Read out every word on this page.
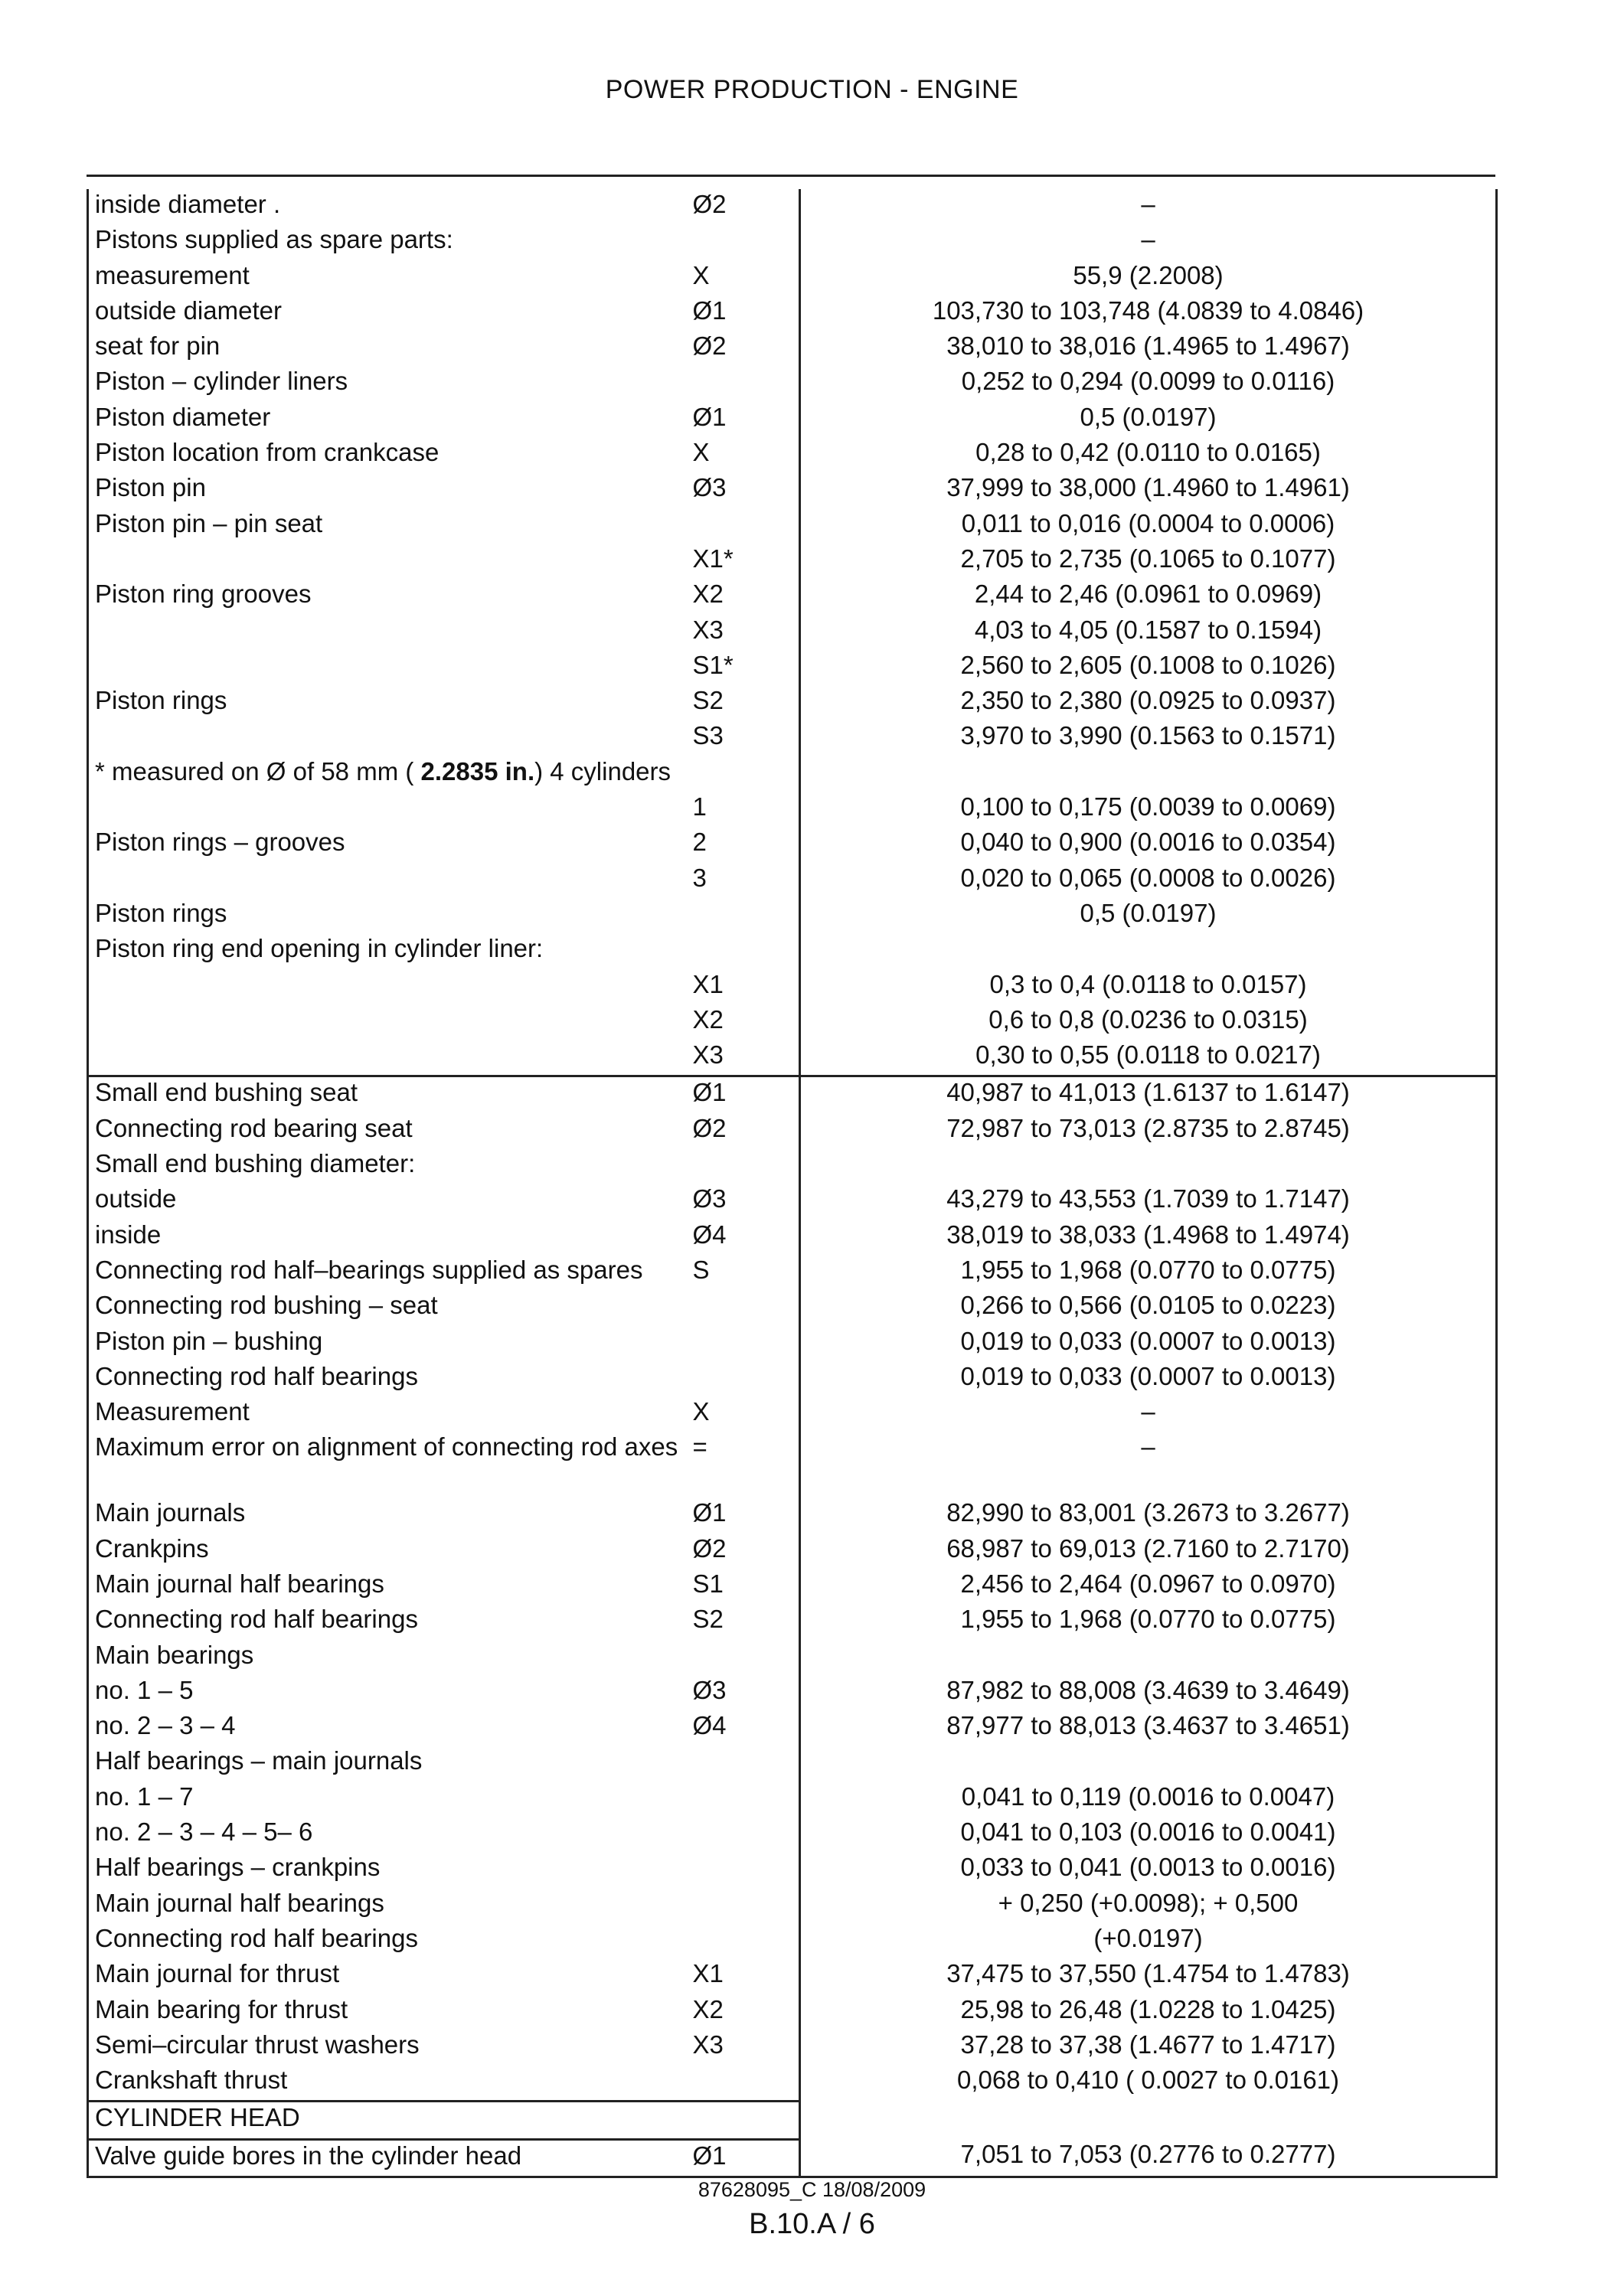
POWER PRODUCTION - ENGINE
inside diameter .	Ø2	–
Pistons supplied as spare parts:		–
measurement	X	55,9 (2.2008)
outside diameter	Ø1	103,730 to 103,748 (4.0839 to 4.0846)
seat for pin	Ø2	38,010 to 38,016 (1.4965 to 1.4967)
Piston – cylinder liners		0,252 to 0,294 (0.0099 to 0.0116)
Piston diameter	Ø1	0,5 (0.0197)
Piston location from crankcase	X	0,28 to 0,42 (0.0110 to 0.0165)
Piston pin	Ø3	37,999 to 38,000 (1.4960 to 1.4961)
Piston pin – pin seat		0,011 to 0,016 (0.0004 to 0.0006)
	X1*	2,705 to 2,735 (0.1065 to 0.1077)
Piston ring grooves	X2	2,44 to 2,46 (0.0961 to 0.0969)
	X3	4,03 to 4,05 (0.1587 to 0.1594)
	S1*	2,560 to 2,605 (0.1008 to 0.1026)
Piston rings	S2	2,350 to 2,380 (0.0925 to 0.0937)
	S3	3,970 to 3,990 (0.1563 to 0.1571)
* measured on Ø of 58 mm ( 2.2835 in.) 4 cylinders		
	1	0,100 to 0,175 (0.0039 to 0.0069)
Piston rings – grooves	2	0,040 to 0,900 (0.0016 to 0.0354)
	3	0,020 to 0,065 (0.0008 to 0.0026)
Piston rings		0,5 (0.0197)
Piston ring end opening in cylinder liner:		
	X1	0,3 to 0,4 (0.0118 to 0.0157)
	X2	0,6 to 0,8 (0.0236 to 0.0315)
	X3	0,30 to 0,55 (0.0118 to 0.0217)
Small end bushing seat	Ø1	40,987 to 41,013 (1.6137 to 1.6147)
Connecting rod bearing seat	Ø2	72,987 to 73,013 (2.8735 to 2.8745)
Small end bushing diameter:		
outside	Ø3	43,279 to 43,553 (1.7039 to 1.7147)
inside	Ø4	38,019 to 38,033 (1.4968 to 1.4974)
Connecting rod half–bearings supplied as spares	S	1,955 to 1,968 (0.0770 to 0.0775)
Connecting rod bushing – seat		0,266 to 0,566 (0.0105 to 0.0223)
Piston pin – bushing		0,019 to 0,033 (0.0007 to 0.0013)
Connecting rod half bearings		0,019 to 0,033 (0.0007 to 0.0013)
Measurement	X	–
Maximum error on alignment of connecting rod axes	=	–
Main journals	Ø1	82,990 to 83,001 (3.2673 to 3.2677)
Crankpins	Ø2	68,987 to 69,013 (2.7160 to 2.7170)
Main journal half bearings	S1	2,456 to 2,464 (0.0967 to 0.0970)
Connecting rod half bearings	S2	1,955 to 1,968 (0.0770 to 0.0775)
Main bearings		
no. 1 – 5	Ø3	87,982 to 88,008 (3.4639 to 3.4649)
no. 2 – 3 – 4	Ø4	87,977 to 88,013 (3.4637 to 3.4651)
Half bearings – main journals		
no. 1 – 7		0,041 to 0,119 (0.0016 to 0.0047)
no. 2 – 3 – 4 – 5– 6		0,041 to 0,103 (0.0016 to 0.0041)
Half bearings – crankpins		0,033 to 0,041 (0.0013 to 0.0016)
Main journal half bearings		+ 0,250 (+0.0098); + 0,500
Connecting rod half bearings		(+0.0197)
Main journal for thrust	X1	37,475 to 37,550 (1.4754 to 1.4783)
Main bearing for thrust	X2	25,98 to 26,48 (1.0228 to 1.0425)
Semi–circular thrust washers	X3	37,28 to 37,38 (1.4677 to 1.4717)
Crankshaft thrust		0,068 to 0,410 ( 0.0027 to 0.0161)
CYLINDER HEAD		
Valve guide bores in the cylinder head	Ø1	7,051 to 7,053 (0.2776 to 0.2777)
87628095_C 18/08/2009
B.10.A / 6
